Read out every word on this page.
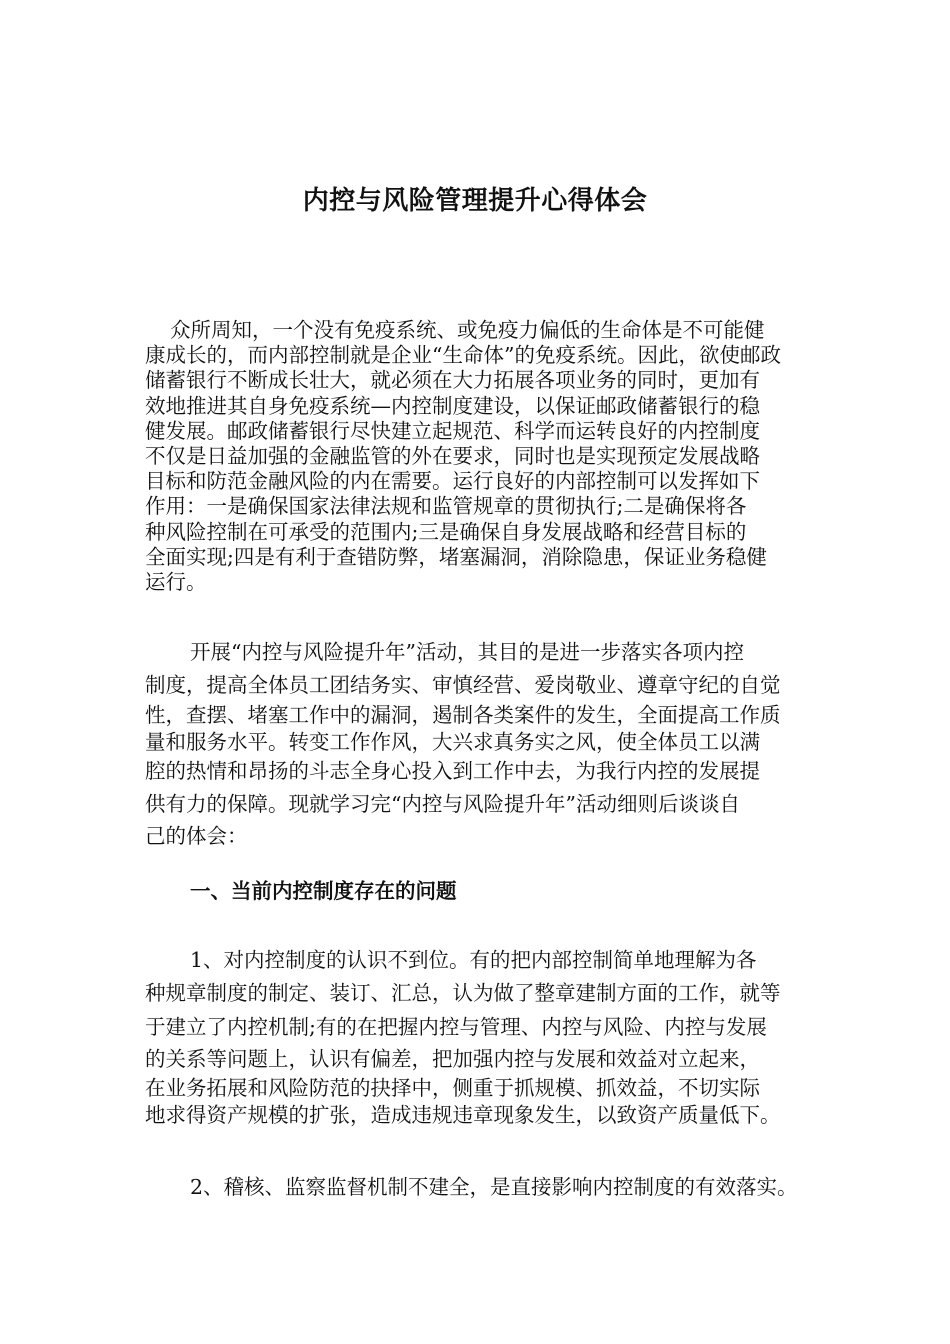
内控与风险管理提升心得体会
众所周知，一个没有免疫系统、或免疫力偏低的生命体是不可能健
康成长的，而内部控制就是企业“生命体”的免疫系统。因此，欲使邮政
储蓄银行不断成长壮大，就必须在大力拓展各项业务的同时，更加有
效地推进其自身免疫系统—内控制度建设，以保证邮政储蓄银行的稳
健发展。邮政储蓄银行尽快建立起规范、科学而运转良好的内控制度
不仅是日益加强的金融监管的外在要求，同时也是实现预定发展战略
目标和防范金融风险的内在需要。运行良好的内部控制可以发挥如下
作用：一是确保国家法律法规和监管规章的贯彻执行;二是确保将各
种风险控制在可承受的范围内;三是确保自身发展战略和经营目标的
全面实现;四是有利于查错防弊，堵塞漏洞，消除隐患，保证业务稳健
运行。
开展“内控与风险提升年”活动，其目的是进一步落实各项内控
制度，提高全体员工团结务实、审慎经营、爱岗敬业、遵章守纪的自觉
性，查摆、堵塞工作中的漏洞，遏制各类案件的发生，全面提高工作质
量和服务水平。转变工作作风，大兴求真务实之风，使全体员工以满
腔的热情和昂扬的斗志全身心投入到工作中去，为我行内控的发展提
供有力的保障。现就学习完“内控与风险提升年”活动细则后谈谈自
己的体会：
一、当前内控制度存在的问题
1、对内控制度的认识不到位。有的把内部控制简单地理解为各
种规章制度的制定、装订、汇总，认为做了整章建制方面的工作，就等
于建立了内控机制;有的在把握内控与管理、内控与风险、内控与发展
的关系等问题上，认识有偏差，把加强内控与发展和效益对立起来，
在业务拓展和风险防范的抉择中，侧重于抓规模、抓效益，不切实际
地求得资产规模的扩张，造成违规违章现象发生，以致资产质量低下。
2、稽核、监察监督机制不建全，是直接影响内控制度的有效落实。
